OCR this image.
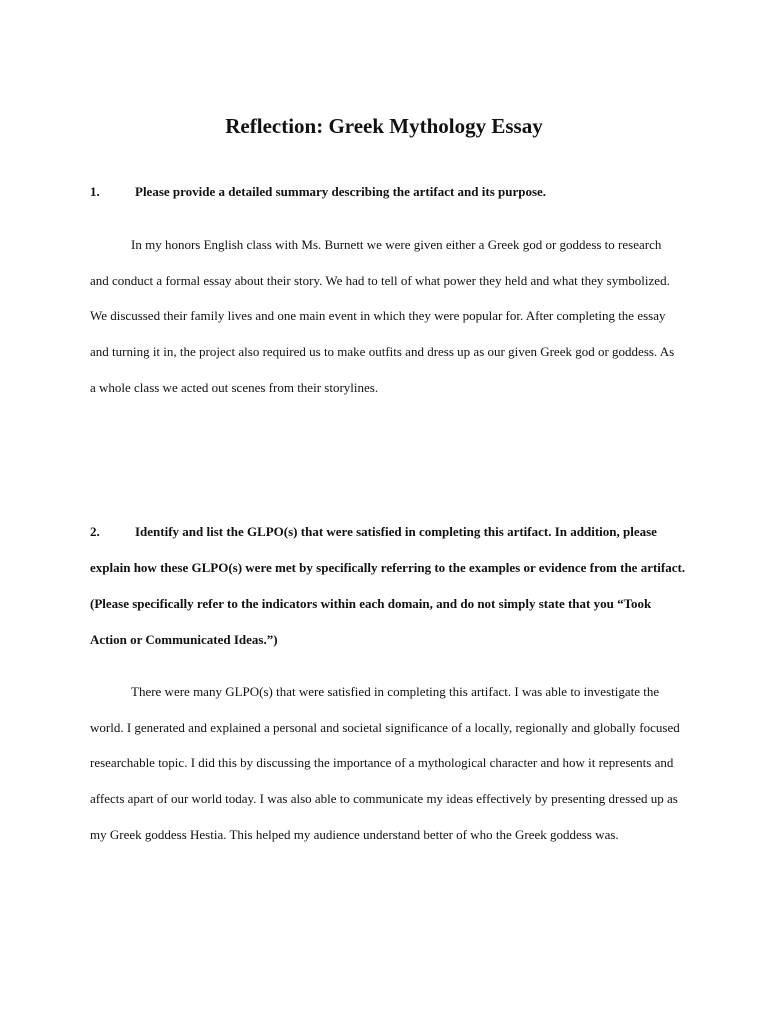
Reflection: Greek Mythology Essay

1.	Please provide a detailed summary describing the artifact and its purpose.

In my honors English class with Ms. Burnett we were given either a Greek god or goddess to research and conduct a formal essay about their story. We had to tell of what power they held and what they symbolized. We discussed their family lives and one main event in which they were popular for. After completing the essay and turning it in, the project also required us to make outfits and dress up as our given Greek god or goddess. As a whole class we acted out scenes from their storylines.

2.	Identify and list the GLPO(s) that were satisfied in completing this artifact. In addition, please explain how these GLPO(s) were met by specifically referring to the examples or evidence from the artifact. (Please specifically refer to the indicators within each domain, and do not simply state that you “Took Action or Communicated Ideas.”)

There were many GLPO(s) that were satisfied in completing this artifact. I was able to investigate the world. I generated and explained a personal and societal significance of a locally, regionally and globally focused researchable topic. I did this by discussing the importance of a mythological character and how it represents and affects apart of our world today. I was also able to communicate my ideas effectively by presenting dressed up as my Greek goddess Hestia. This helped my audience understand better of who the Greek goddess was.
